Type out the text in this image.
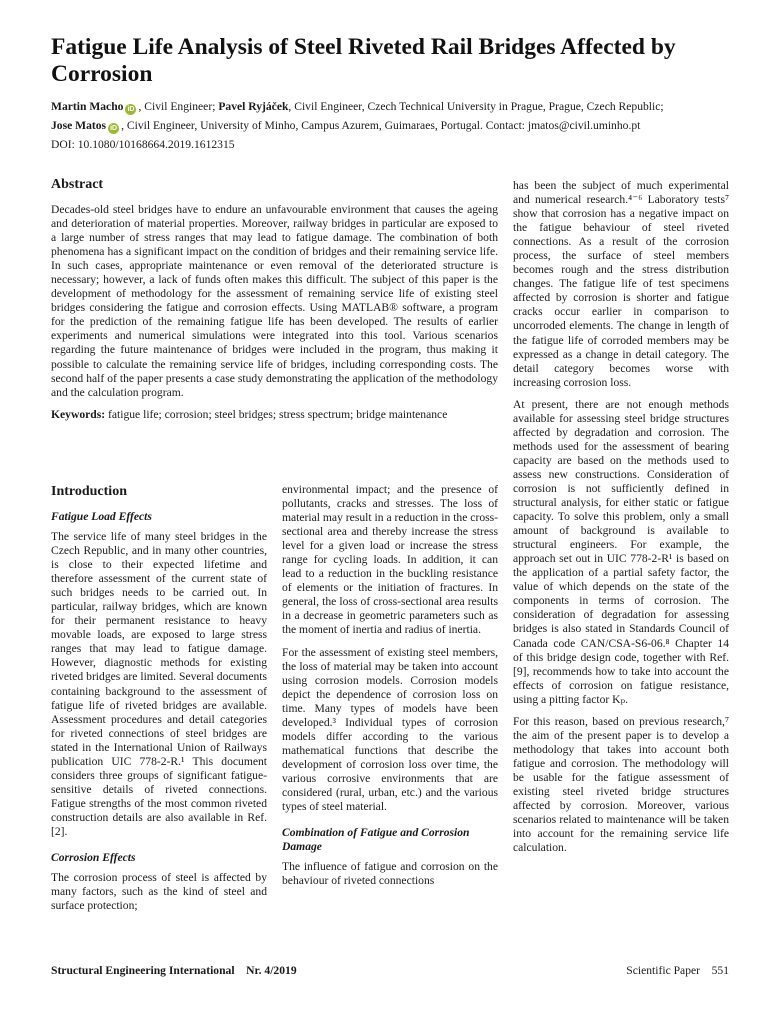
Fatigue Life Analysis of Steel Riveted Rail Bridges Affected by Corrosion
Martin Macho iD , Civil Engineer; Pavel Ryjáček, Civil Engineer, Czech Technical University in Prague, Prague, Czech Republic;
Jose Matos iD , Civil Engineer, University of Minho, Campus Azurem, Guimaraes, Portugal. Contact: jmatos@civil.uminho.pt
DOI: 10.1080/10168664.2019.1612315
Abstract

Decades-old steel bridges have to endure an unfavourable environment that causes the ageing and deterioration of material properties. Moreover, railway bridges in particular are exposed to a large number of stress ranges that may lead to fatigue damage. The combination of both phenomena has a significant impact on the condition of bridges and their remaining service life. In such cases, appropriate maintenance or even removal of the deteriorated structure is necessary; however, a lack of funds often makes this difficult. The subject of this paper is the development of methodology for the assessment of remaining service life of existing steel bridges considering the fatigue and corrosion effects. Using MATLAB® software, a program for the prediction of the remaining fatigue life has been developed. The results of earlier experiments and numerical simulations were integrated into this tool. Various scenarios regarding the future maintenance of bridges were included in the program, thus making it possible to calculate the remaining service life of bridges, including corresponding costs. The second half of the paper presents a case study demonstrating the application of the methodology and the calculation program.

Keywords: fatigue life; corrosion; steel bridges; stress spectrum; bridge maintenance

Introduction
Fatigue Load Effects

The service life of many steel bridges in the Czech Republic, and in many other countries, is close to their expected lifetime and therefore assessment of the current state of such bridges needs to be carried out. In particular, railway bridges, which are known for their permanent resistance to heavy movable loads, are exposed to large stress ranges that may lead to fatigue damage. However, diagnostic methods for existing riveted bridges are limited. Several documents containing background to the assessment of fatigue life of riveted bridges are available. Assessment procedures and detail categories for riveted connections of steel bridges are stated in the International Union of Railways publication UIC 778-2-R.¹ This document considers three groups of significant fatigue-sensitive details of riveted connections. Fatigue strengths of the most common riveted construction details are also available in Ref. [2].

Corrosion Effects

The corrosion process of steel is affected by many factors, such as the kind of steel and surface protection;

environmental impact; and the presence of pollutants, cracks and stresses. The loss of material may result in a reduction in the cross-sectional area and thereby increase the stress level for a given load or increase the stress range for cycling loads. In addition, it can lead to a reduction in the buckling resistance of elements or the initiation of fractures. In general, the loss of cross-sectional area results in a decrease in geometric parameters such as the moment of inertia and radius of inertia.

For the assessment of existing steel members, the loss of material may be taken into account using corrosion models. Corrosion models depict the dependence of corrosion loss on time. Many types of models have been developed.³ Individual types of corrosion models differ according to the various mathematical functions that describe the development of corrosion loss over time, the various corrosive environments that are considered (rural, urban, etc.) and the various types of steel material.

Combination of Fatigue and Corrosion Damage

The influence of fatigue and corrosion on the behaviour of riveted connections

has been the subject of much experimental and numerical research.⁴⁻⁶ Laboratory tests⁷ show that corrosion has a negative impact on the fatigue behaviour of steel riveted connections. As a result of the corrosion process, the surface of steel members becomes rough and the stress distribution changes. The fatigue life of test specimens affected by corrosion is shorter and fatigue cracks occur earlier in comparison to uncorroded elements. The change in length of the fatigue life of corroded members may be expressed as a change in detail category. The detail category becomes worse with increasing corrosion loss.

At present, there are not enough methods available for assessing steel bridge structures affected by degradation and corrosion. The methods used for the assessment of bearing capacity are based on the methods used to assess new constructions. Consideration of corrosion is not sufficiently defined in structural analysis, for either static or fatigue capacity. To solve this problem, only a small amount of background is available to structural engineers. For example, the approach set out in UIC 778-2-R¹ is based on the application of a partial safety factor, the value of which depends on the state of the components in terms of corrosion. The consideration of degradation for assessing bridges is also stated in Standards Council of Canada code CAN/CSA-S6-06.⁸ Chapter 14 of this bridge design code, together with Ref. [9], recommends how to take into account the effects of corrosion on fatigue resistance, using a pitting factor Kₚ.

For this reason, based on previous research,⁷ the aim of the present paper is to develop a methodology that takes into account both fatigue and corrosion. The methodology will be usable for the fatigue assessment of existing steel riveted bridge structures affected by corrosion. Moreover, various scenarios related to maintenance will be taken into account for the remaining service life calculation.

Structural Engineering International    Nr. 4/2019	Scientific Paper    551
